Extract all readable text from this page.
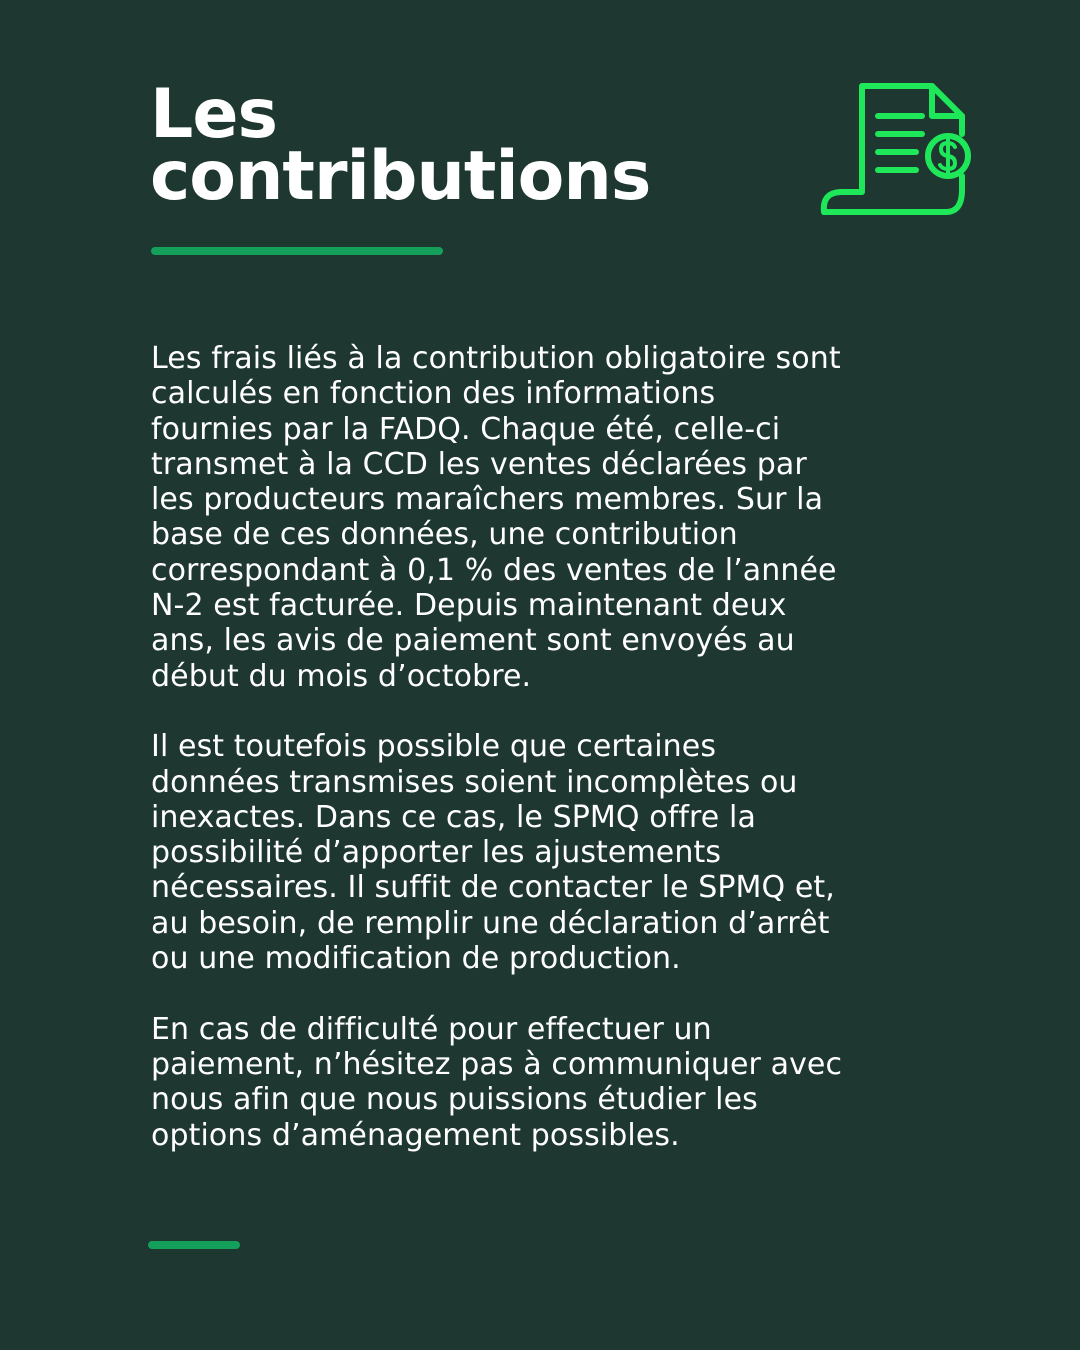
Les
contributions

Les frais liés à la contribution obligatoire sont
calculés en fonction des informations
fournies par la FADQ. Chaque été, celle-ci
transmet à la CCD les ventes déclarées par
les producteurs maraîchers membres. Sur la
base de ces données, une contribution
correspondant à 0,1 % des ventes de l’année
N-2 est facturée. Depuis maintenant deux
ans, les avis de paiement sont envoyés au
début du mois d’octobre.

Il est toutefois possible que certaines
données transmises soient incomplètes ou
inexactes. Dans ce cas, le SPMQ offre la
possibilité d’apporter les ajustements
nécessaires. Il suffit de contacter le SPMQ et,
au besoin, de remplir une déclaration d’arrêt
ou une modification de production.

En cas de difficulté pour effectuer un
paiement, n’hésitez pas à communiquer avec
nous afin que nous puissions étudier les
options d’aménagement possibles.
